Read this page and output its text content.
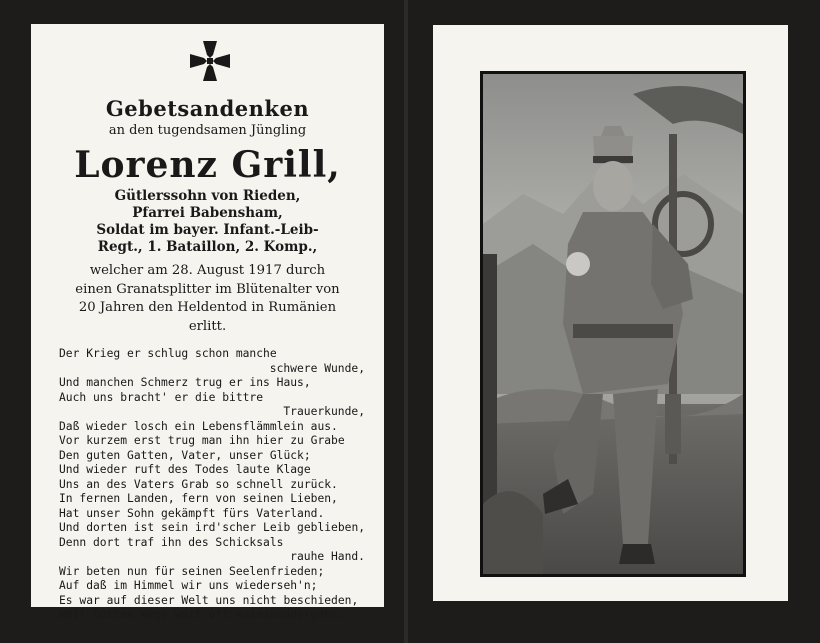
Gebetsandenken
an den tugendsamen Jüngling
Lorenz Grill,
Gütlerssohn von Rieden,
Pfarrei Babensham,
Soldat im bayer. Infant.-Leib-
Regt., 1. Bataillon, 2. Komp.,
welcher am 28. August 1917 durch
einen Granatsplitter im Blütenalter von
20 Jahren den Heldentod in Rumänien
erlitt.
Der Krieg er schlug schon manche
schwere Wunde,
Und manchen Schmerz trug er ins Haus,
Auch uns bracht' er die bittre
Trauerkunde,
Daß wieder losch ein Lebensflämmlein aus.
Vor kurzem erst trug man ihn hier zu Grabe
Den guten Gatten, Vater, unser Glück;
Und wieder ruft des Todes laute Klage
Uns an des Vaters Grab so schnell zurück.
In fernen Landen, fern von seinen Lieben,
Hat unser Sohn gekämpft fürs Vaterland.
Und dorten ist sein ird'scher Leib geblieben,
Denn dort traf ihn des Schicksals
rauhe Hand.
Wir beten nun für seinen Seelenfrieden;
Auf daß im Himmel wir uns wiederseh'n;
Es war auf dieser Welt uns nicht beschieden,
Weil Gottes Wege weit oft auseinandergehn.
